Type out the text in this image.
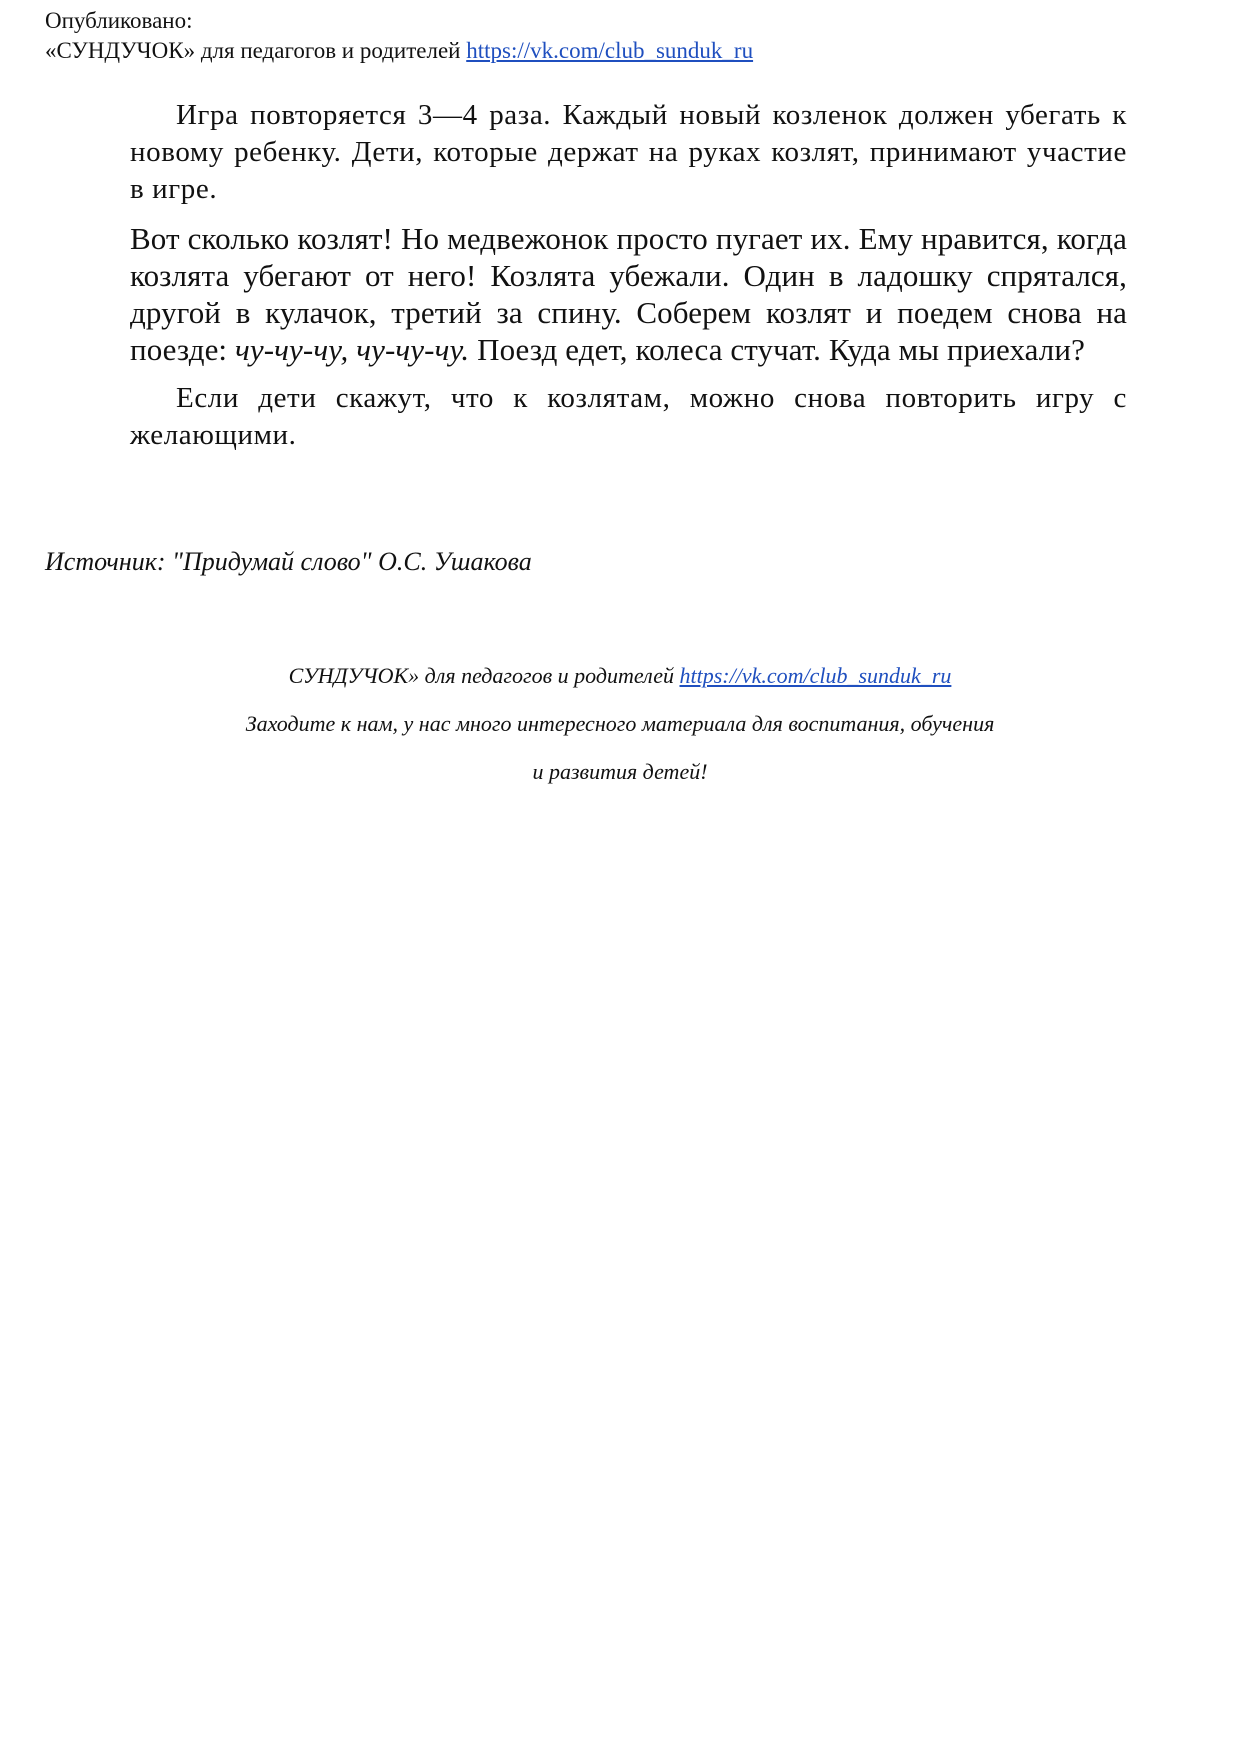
Опубликовано:
«СУНДУЧОК» для педагогов и родителей https://vk.com/club_sunduk_ru

Игра повторяется 3—4 раза. Каждый новый козленок должен убегать к новому ребенку. Дети, которые держат на руках козлят, принимают участие в игре.

Вот сколько козлят! Но медвежонок просто пугает их. Ему нравится, когда козлята убегают от него! Козлята убежали. Один в ладошку спрятался, другой в кулачок, третий за спину. Соберем козлят и поедем снова на поезде: чу-чу-чу, чу-чу-чу. Поезд едет, колеса стучат. Куда мы приехали?

Если дети скажут, что к козлятам, можно снова повторить игру с желающими.

Источник: "Придумай слово" О.С. Ушакова

СУНДУЧОК» для педагогов и родителей https://vk.com/club_sunduk_ru

Заходите к нам, у нас много интересного материала для воспитания, обучения

и развития детей!
